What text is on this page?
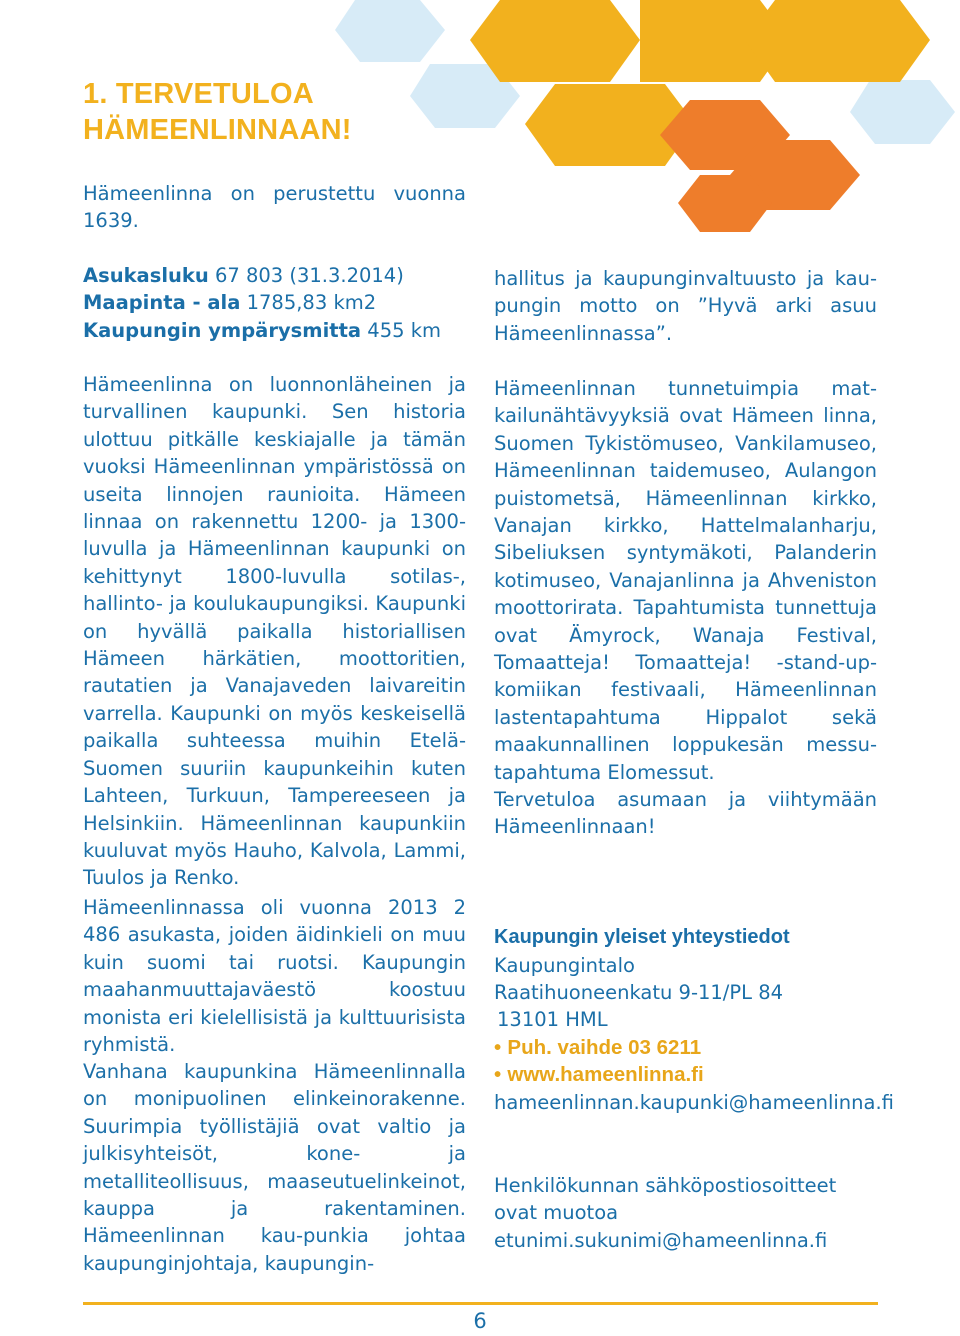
1. TERVETULOA
HÄMEENLINNAAN!

Hämeenlinna on perustettu vuonna 1639.

Asukasluku 67 803 (31.3.2014)
Maapinta - ala 1785,83 km2
Kaupungin ympärysmitta 455 km

Hämeenlinna on luonnonläheinen ja turvallinen kaupunki. Sen historia ulottuu pitkälle keskiajalle ja tämän vuoksi Hämeenlinnan ympäristössä on useita linnojen raunioita. Hämeen linnaa on rakennettu 1200- ja 1300-luvulla ja Hämeenlinnan kaupunki on kehittynyt 1800-luvulla sotilas-, hallinto- ja koulukaupungiksi. Kaupunki on hyvällä paikalla historiallisen Hämeen härkätien, moottoritien, rautatien ja Vanajaveden laivareitin varrella. Kaupunki on myös keskeisellä paikalla suhteessa muihin Etelä-Suomen suuriin kaupunkeihin kuten Lahteen, Turkuun, Tampereeseen ja Helsinkiin. Hämeenlinnan kaupunkiin kuuluvat myös Hauho, Kalvola, Lammi, Tuulos ja Renko.

Hämeenlinnassa oli vuonna 2013 2 486 asukasta, joiden äidinkieli on muu kuin suomi tai ruotsi. Kaupungin maahanmuuttajaväestö koostuu monista eri kielellisistä ja kulttuurisista ryhmistä.

Vanhana kaupunkina Hämeenlinnalla on monipuolinen elinkeinorakenne. Suurimpia työllistäjiä ovat valtio ja julkisyhteisöt, kone- ja metalliteollisuus, maaseutuelinkeinot, kauppa ja rakentaminen. Hämeenlinnan kau-punkia johtaa kaupunginjohtaja, kaupungin-

hallitus ja kaupunginvaltuusto ja kau-pungin motto on ”Hyvä arki asuu Hämeenlinnassa”.

Hämeenlinnan tunnetuimpia mat-kailunähtävyyksiä ovat Hämeen linna, Suomen Tykistömuseo, Vankilamuseo, Hämeenlinnan taidemuseo, Aulangon puistometsä, Hämeenlinnan kirkko, Vanajan kirkko, Hattelmalanharju, Sibeliuksen syntymäkoti, Palanderin kotimuseo, Vanajanlinna ja Ahveniston moottorirata. Tapahtumista tunnettuja ovat Ämyrock, Wanaja Festival, Tomaatteja! Tomaatteja! -stand-up-komiikan festivaali, Hämeenlinnan lastentapahtuma Hippalot sekä maakunnallinen loppukesän messu-tapahtuma Elomessut.

Tervetuloa asumaan ja viihtymään Hämeenlinnaan!

Kaupungin yleiset yhteystiedot
Kaupungintalo
Raatihuoneenkatu 9-11/PL 84
13101 HML
• Puh. vaihde 03 6211
• www.hameenlinna.fi
hameenlinnan.kaupunki@hameenlinna.fi
Henkilökunnan sähköpostiosoitteet
ovat muotoa
etunimi.sukunimi@hameenlinna.fi
6
